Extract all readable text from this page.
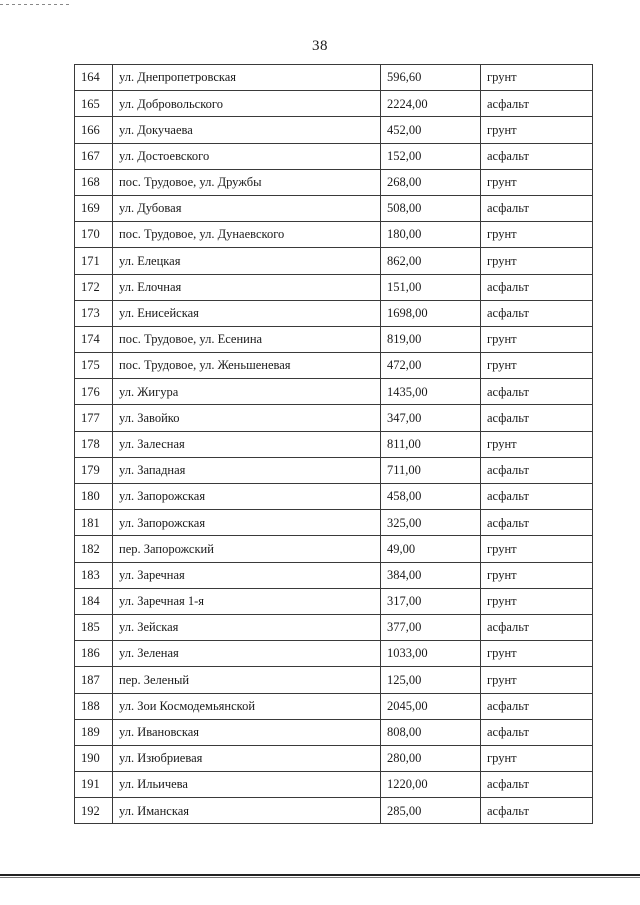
38
164	ул. Днепропетровская	596,60	грунт
165	ул. Добровольского	2224,00	асфальт
166	ул. Докучаева	452,00	грунт
167	ул. Достоевского	152,00	асфальт
168	пос. Трудовое, ул. Дружбы	268,00	грунт
169	ул. Дубовая	508,00	асфальт
170	пос. Трудовое, ул. Дунаевского	180,00	грунт
171	ул. Елецкая	862,00	грунт
172	ул. Елочная	151,00	асфальт
173	ул. Енисейская	1698,00	асфальт
174	пос. Трудовое, ул. Есенина	819,00	грунт
175	пос. Трудовое, ул. Женьшеневая	472,00	грунт
176	ул. Жигура	1435,00	асфальт
177	ул. Завойко	347,00	асфальт
178	ул. Залесная	811,00	грунт
179	ул. Западная	711,00	асфальт
180	ул. Запорожская	458,00	асфальт
181	ул. Запорожская	325,00	асфальт
182	пер. Запорожский	49,00	грунт
183	ул. Заречная	384,00	грунт
184	ул. Заречная 1-я	317,00	грунт
185	ул. Зейская	377,00	асфальт
186	ул. Зеленая	1033,00	грунт
187	пер. Зеленый	125,00	грунт
188	ул. Зои Космодемьянской	2045,00	асфальт
189	ул. Ивановская	808,00	асфальт
190	ул. Изюбриевая	280,00	грунт
191	ул. Ильичева	1220,00	асфальт
192	ул. Иманская	285,00	асфальт
